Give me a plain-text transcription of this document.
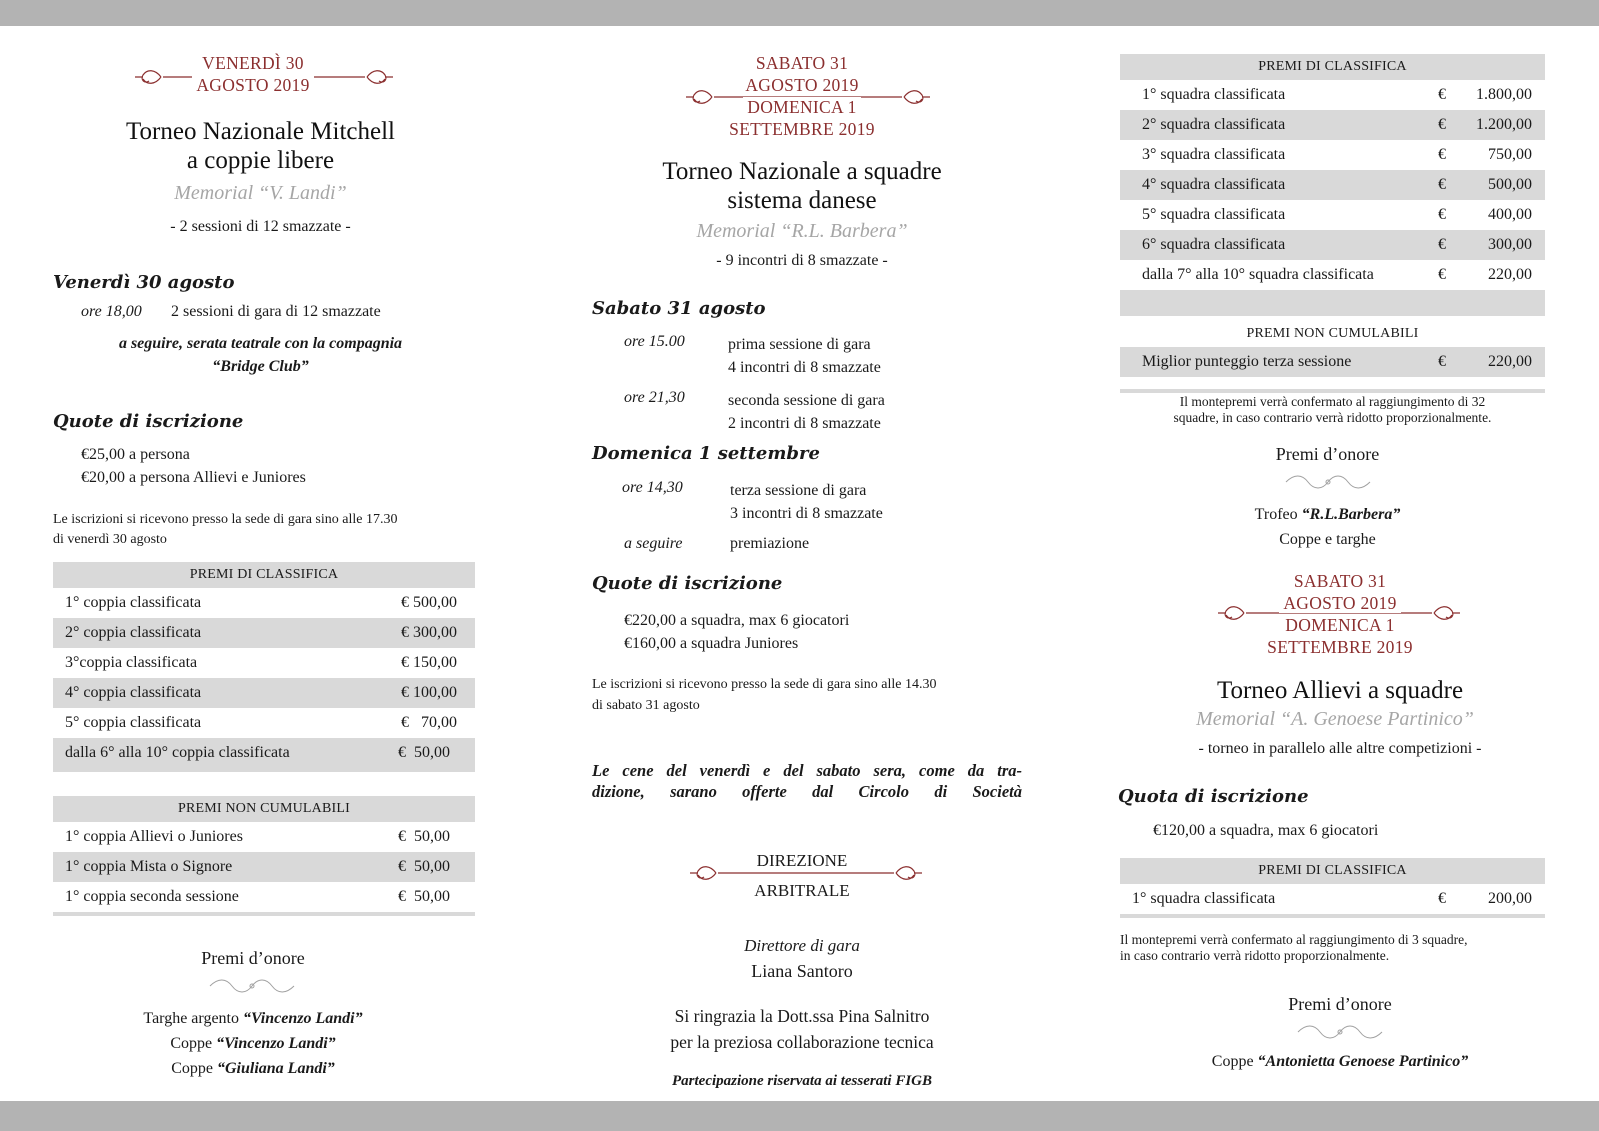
VENERDÌ 30
AGOSTO 2019
Torneo Nazionale Mitchell
a coppie libere
Memorial “V. Landi”
- 2 sessioni di 12 smazzate -
Venerdì 30 agosto
ore 18,00 2 sessioni di gara di 12 smazzate
a seguire, serata teatrale con la compagnia
“Bridge Club”
Quote di iscrizione
€25,00 a persona
€20,00 a persona Allievi e Juniores
Le iscrizioni si ricevono presso la sede di gara sino alle 17.30
di venerdì 30 agosto
PREMI DI CLASSIFICA
1° coppia classificata	€ 500,00
2° coppia classificata	€ 300,00
3°coppia classificata	€ 150,00
4° coppia classificata	€ 100,00
5° coppia classificata	€   70,00
dalla 6° alla 10° coppia classificata	€  50,00
PREMI NON CUMULABILI
1° coppia Allievi o Juniores	€  50,00
1° coppia Mista o Signore	€  50,00
1° coppia seconda sessione	€  50,00
Premi d’onore
Targhe argento “Vincenzo Landi”
Coppe “Vincenzo Landi”
Coppe “Giuliana Landi”
SABATO 31
AGOSTO 2019
DOMENICA 1
SETTEMBRE 2019
Torneo Nazionale a squadre
sistema danese
Memorial “R.L. Barbera”
- 9 incontri di 8 smazzate -
Sabato 31 agosto
ore 15.00	prima sessione di gara
4 incontri di 8 smazzate
ore 21,30	seconda sessione di gara
2 incontri di 8 smazzate
Domenica 1 settembre
ore 14,30	terza sessione di gara
3 incontri di 8 smazzate
a seguire	premiazione
Quote di iscrizione
€220,00 a squadra, max 6 giocatori
€160,00 a squadra Juniores
Le iscrizioni si ricevono presso la sede di gara sino alle 14.30
di sabato 31 agosto
Le cene del venerdì e del sabato sera, come da tra-
dizione, sarano offerte dal Circolo di Società
DIREZIONE
ARBITRALE
Direttore di gara
Liana Santoro
Si ringrazia la Dott.ssa Pina Salnitro
per la preziosa collaborazione tecnica
Partecipazione riservata ai tesserati FIGB
PREMI DI CLASSIFICA
1° squadra classificata	€	1.800,00
2° squadra classificata	€	1.200,00
3° squadra classificata	€	750,00
4° squadra classificata	€	500,00
5° squadra classificata	€	400,00
6° squadra classificata	€	300,00
dalla 7° alla 10° squadra classificata	€	220,00
PREMI NON CUMULABILI
Miglior punteggio terza sessione	€	220,00
Il montepremi verrà confermato al raggiungimento di 32
squadre, in caso contrario verrà ridotto proporzionalmente.
Premi d’onore
Trofeo “R.L.Barbera”
Coppe e targhe
SABATO 31
AGOSTO 2019
DOMENICA 1
SETTEMBRE 2019
Torneo Allievi a squadre
Memorial “A. Genoese Partinico”
- torneo in parallelo alle altre competizioni -
Quota di iscrizione
€120,00 a squadra, max 6 giocatori
PREMI DI CLASSIFICA
1° squadra classificata	€	200,00
Il montepremi verrà confermato al raggiungimento di 3 squadre,
in caso contrario verrà ridotto proporzionalmente.
Premi d’onore
Coppe “Antonietta Genoese Partinico”
